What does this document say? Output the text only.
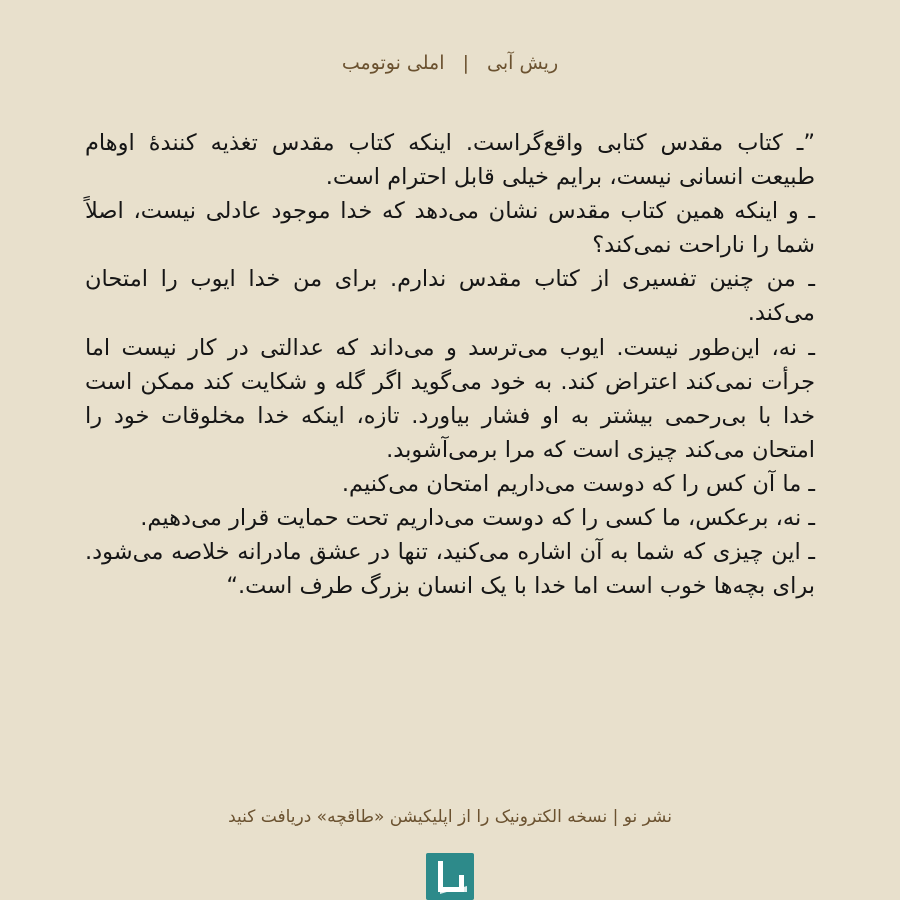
ریش آبی | املی نوتومب

”ـ کتاب مقدس کتابی واقع‌گراست. اینکه کتاب مقدس تغذیه کنندهٔ اوهام طبیعت انسانی نیست، برایم خیلی قابل احترام است.

ـ و اینکه همین کتاب مقدس نشان می‌دهد که خدا موجود عادلی نیست، اصلاً شما را ناراحت نمی‌کند؟

ـ من چنین تفسیری از کتاب مقدس ندارم. برای من خدا ایوب را امتحان می‌کند.

ـ نه، این‌طور نیست. ایوب می‌ترسد و می‌داند که عدالتی در کار نیست اما جرأت نمی‌کند اعتراض کند. به خود می‌گوید اگر گله و شکایت کند ممکن است خدا با بی‌رحمی بیشتر به او فشار بیاورد. تازه، اینکه خدا مخلوقات خود را امتحان می‌کند چیزی است که مرا برمی‌آشوبد.

ـ ما آن کس را که دوست می‌داریم امتحان می‌کنیم.

ـ نه، برعکس، ما کسی را که دوست می‌داریم تحت حمایت قرار می‌دهیم.

ـ این چیزی که شما به آن اشاره می‌کنید، تنها در عشق مادرانه خلاصه می‌شود. برای بچه‌ها خوب است اما خدا با یک انسان بزرگ طرف است.“

نشر نو | نسخه الکترونیک را از اپلیکیشن «طاقچه» دریافت کنید
